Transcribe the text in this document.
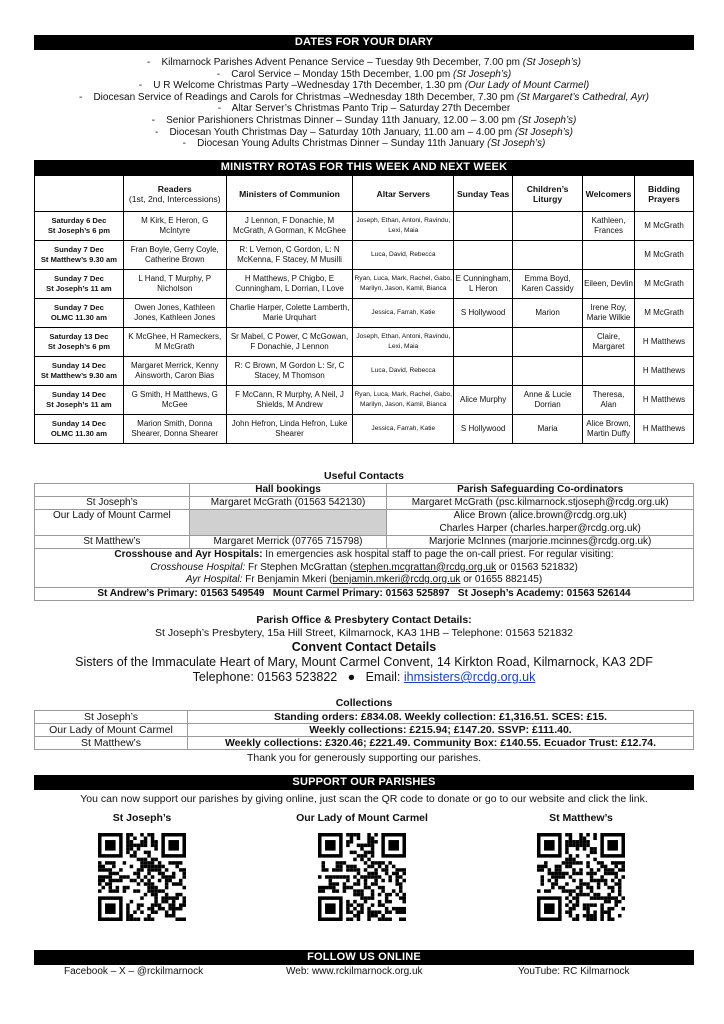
DATES FOR YOUR DIARY
-    Kilmarnock Parishes Advent Penance Service – Tuesday 9th December, 7.00 pm (St Joseph’s)
-    Carol Service – Monday 15th December, 1.00 pm (St Joseph’s)
-    U R Welcome Christmas Party –Wednesday 17th December, 1.30 pm (Our Lady of Mount Carmel)
-    Diocesan Service of Readings and Carols for Christmas –Wednesday 18th December, 7.30 pm (St Margaret’s Cathedral, Ayr)
-    Altar Server’s Christmas Panto Trip – Saturday 27th December
-    Senior Parishioners Christmas Dinner – Sunday 11th January, 12.00 – 3.00 pm (St Joseph’s)
-    Diocesan Youth Christmas Day – Saturday 10th January, 11.00 am – 4.00 pm (St Joseph’s)
-    Diocesan Young Adults Christmas Dinner – Sunday 11th January (St Joseph’s)
MINISTRY ROTAS FOR THIS WEEK AND NEXT WEEK
	Readers
(1st, 2nd, Intercessions)	Ministers of Communion	Altar Servers	Sunday Teas	Children’s Liturgy	Welcomers	Bidding Prayers
Saturday 6 Dec
St Joseph’s 6 pm	M Kirk, E Heron, G McIntyre	J Lennon, F Donachie, M McGrath, A Gorman, K McGhee	Joseph, Ethan, Antoni, Ravindu, Lexi, Maia			Kathleen, Frances	M McGrath
Sunday 7 Dec
St Matthew’s 9.30 am	Fran Boyle, Gerry Coyle, Catherine Brown	R: L Vernon, C Gordon, L: N McKenna, F Stacey, M Musilli	Luca, David, Rebecca				M McGrath
Sunday 7 Dec
St Joseph’s 11 am	L Hand, T Murphy, P Nicholson	H Matthews, P Chigbo, E Cunningham, L Dorrian, I Love	Ryan, Luca, Mark, Rachel, Gabo, Marilyn, Jason, Kamil, Bianca	E Cunningham, L Heron	Emma Boyd, Karen Cassidy	Eileen, Devlin	M McGrath
Sunday 7 Dec
OLMC 11.30 am	Owen Jones, Kathleen Jones, Kathleen Jones	Charlie Harper, Colette Lamberth, Marie Urquhart	Jessica, Farrah, Katie	S Hollywood	Marion	Irene Roy, Marie Wilkie	M McGrath
Saturday 13 Dec
St Joseph’s 6 pm	K McGhee, H Rameckers, M McGrath	Sr Mabel, C Power, C McGowan, F Donachie, J Lennon	Joseph, Ethan, Antoni, Ravindu, Lexi, Maia			Claire, Margaret	H Matthews
Sunday 14 Dec
St Matthew’s 9.30 am	Margaret Merrick, Kenny Ainsworth, Caron Bias	R: C Brown, M Gordon L: Sr, C Stacey, M Thomson	Luca, David, Rebecca				H Matthews
Sunday 14 Dec
St Joseph’s 11 am	G Smith, H Matthews, G McGee	F McCann, R Murphy, A Neil, J Shields, M Andrew	Ryan, Luca, Mark, Rachel, Gabo, Marilyn, Jason, Kamil, Bianca	Alice Murphy	Anne & Lucie Dorrian	Theresa, Alan	H Matthews
Sunday 14 Dec
OLMC 11.30 am	Marion Smith, Donna Shearer, Donna Shearer	John Hefron, Linda Hefron, Luke Shearer	Jessica, Farrah, Katie	S Hollywood	Maria	Alice Brown, Martin Duffy	H Matthews
Useful Contacts
	Hall bookings	Parish Safeguarding Co-ordinators
St Joseph’s	Margaret McGrath (01563 542130)	Margaret McGrath (psc.kilmarnock.stjoseph@rcdg.org.uk)
Our Lady of Mount Carmel		Alice Brown (alice.brown@rcdg.org.uk)
Charles Harper (charles.harper@rcdg.org.uk)
St Matthew’s	Margaret Merrick (07765 715798)	Marjorie McInnes (marjorie.mcinnes@rcdg.org.uk)
Crosshouse and Ayr Hospitals: In emergencies ask hospital staff to page the on-call priest. For regular visiting:
Crosshouse Hospital: Fr Stephen McGrattan (stephen.mcgrattan@rcdg.org.uk or 01563 521832)
Ayr Hospital: Fr Benjamin Mkeri (benjamin.mkeri@rcdg.org.uk or 01655 882145)		
St Andrew’s Primary: 01563 549549   Mount Carmel Primary: 01563 525897   St Joseph’s Academy: 01563 526144		
Parish Office & Presbytery Contact Details:
St Joseph’s Presbytery, 15a Hill Street, Kilmarnock, KA3 1HB – Telephone: 01563 521832
Convent Contact Details
Sisters of the Immaculate Heart of Mary, Mount Carmel Convent, 14 Kirkton Road, Kilmarnock, KA3 2DF
Telephone: 01563 523822   ●   Email: ihmsisters@rcdg.org.uk
Collections
St Joseph’s	Standing orders: £834.08. Weekly collection: £1,316.51. SCES: £15.
Our Lady of Mount Carmel	Weekly collections: £215.94; £147.20. SSVP: £111.40.
St Matthew’s	Weekly collections: £320.46; £221.49. Community Box: £140.55. Ecuador Trust: £12.74.
Thank you for generously supporting our parishes.
SUPPORT OUR PARISHES
You can now support our parishes by giving online, just scan the QR code to donate or go to our website and click the link.
St Joseph’s	Our Lady of Mount Carmel	St Matthew’s
FOLLOW US ONLINE
Facebook – X – @rckilmarnock	Web: www.rckilmarnock.org.uk	YouTube: RC Kilmarnock
